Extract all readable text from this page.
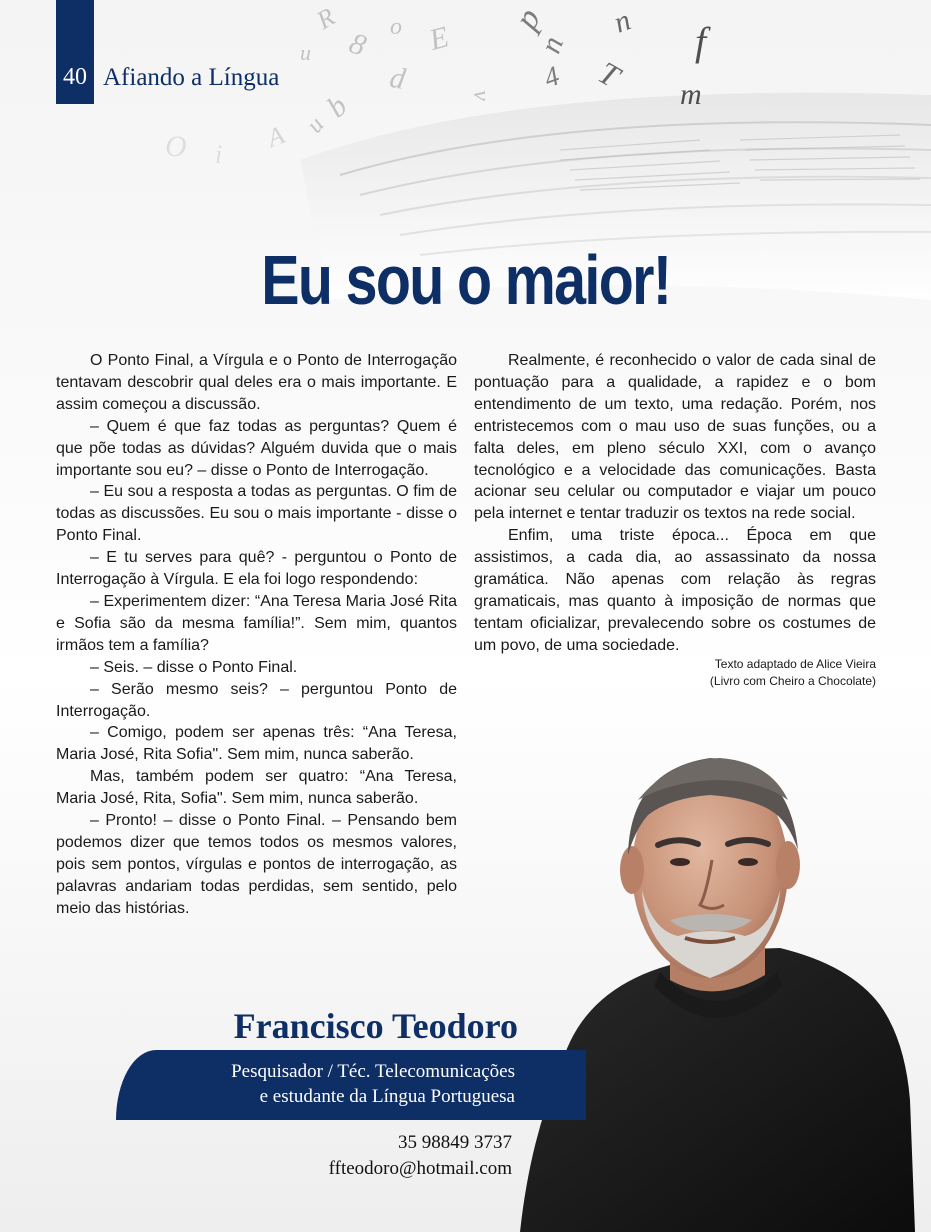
R
8 o E
p
n
n f
4 T
m
d v
b
u
u
A
O i
40 Afiando a Língua
Eu sou o maior!

O Ponto Final, a Vírgula e o Ponto de Interrogação tentavam descobrir qual deles era o mais importante. E assim começou a discussão.

– Quem é que faz todas as perguntas? Quem é que põe todas as dúvidas? Alguém duvida que o mais importante sou eu? – disse o Ponto de Interrogação.

– Eu sou a resposta a todas as perguntas. O fim de todas as discussões. Eu sou o mais importante - disse o Ponto Final.

– E tu serves para quê? - perguntou o Ponto de Interrogação à Vírgula. E ela foi logo respondendo:

– Experimentem dizer: “Ana Teresa Maria José Rita e Sofia são da mesma família!”. Sem mim, quantos irmãos tem a família?

– Seis. – disse o Ponto Final.

– Serão mesmo seis? – perguntou Ponto de Interrogação.

– Comigo, podem ser apenas três: “Ana Teresa, Maria José, Rita Sofia". Sem mim, nunca saberão.

Mas, também podem ser quatro: “Ana Teresa, Maria José, Rita, Sofia". Sem mim, nunca saberão.

– Pronto! – disse o Ponto Final. – Pensando bem podemos dizer que temos todos os mesmos valores, pois sem pontos, vírgulas e pontos de interrogação, as palavras andariam todas perdidas, sem sentido, pelo meio das histórias.

Realmente, é reconhecido o valor de cada sinal de pontuação para a qualidade, a rapidez e o bom entendimento de um texto, uma redação. Porém, nos entristecemos com o mau uso de suas funções, ou a falta deles, em pleno século XXI, com o avanço tecnológico e a velocidade das comunicações. Basta acionar seu celular ou computador e viajar um pouco pela internet e tentar traduzir os textos na rede social.

Enfim, uma triste época... Época em que assistimos, a cada dia, ao assassinato da nossa gramática. Não apenas com relação às regras gramaticais, mas quanto à imposição de normas que tentam oficializar, prevalecendo sobre os costumes de um povo, de uma sociedade.

Texto adaptado de Alice Vieira
(Livro com Cheiro a Chocolate)
Francisco Teodoro
Pesquisador / Téc. Telecomunicações
e estudante da Língua Portuguesa
35 98849 3737
ffteodoro@hotmail.com
